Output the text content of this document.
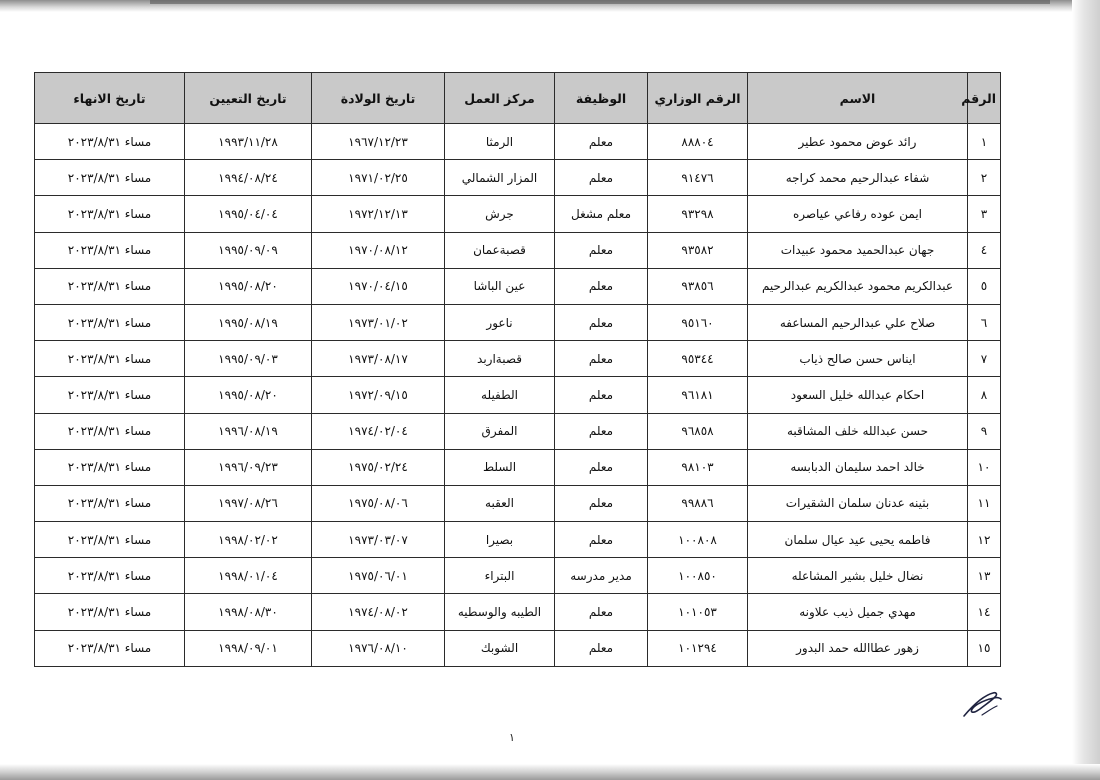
الرقم	الاسم	الرقم الوزاري	الوظيفة	مركز العمل	تاريخ الولادة	تاريخ التعيين	تاريخ الانهاء
١	رائد عوض محمود عطير	٨٨٨٠٤	معلم	الرمثا	١٩٦٧/١٢/٢٣	١٩٩٣/١١/٢٨	مساء ٢٠٢٣/٨/٣١
٢	شفاء عبدالرحيم محمد كراجه	٩١٤٧٦	معلم	المزار الشمالي	١٩٧١/٠٢/٢٥	١٩٩٤/٠٨/٢٤	مساء ٢٠٢٣/٨/٣١
٣	ايمن عوده رفاعي عياصره	٩٣٢٩٨	معلم مشغل	جرش	١٩٧٢/١٢/١٣	١٩٩٥/٠٤/٠٤	مساء ٢٠٢٣/٨/٣١
٤	جهان عبدالحميد محمود عبيدات	٩٣٥٨٢	معلم	قصبةعمان	١٩٧٠/٠٨/١٢	١٩٩٥/٠٩/٠٩	مساء ٢٠٢٣/٨/٣١
٥	عبدالكريم محمود عبدالكريم عبدالرحيم	٩٣٨٥٦	معلم	عين الباشا	١٩٧٠/٠٤/١٥	١٩٩٥/٠٨/٢٠	مساء ٢٠٢٣/٨/٣١
٦	صلاح علي عبدالرحيم المساعفه	٩٥١٦٠	معلم	ناعور	١٩٧٣/٠١/٠٢	١٩٩٥/٠٨/١٩	مساء ٢٠٢٣/٨/٣١
٧	ايناس حسن صالح ذياب	٩٥٣٤٤	معلم	قصبةاربد	١٩٧٣/٠٨/١٧	١٩٩٥/٠٩/٠٣	مساء ٢٠٢٣/٨/٣١
٨	احكام عبدالله خليل السعود	٩٦١٨١	معلم	الطفيله	١٩٧٢/٠٩/١٥	١٩٩٥/٠٨/٢٠	مساء ٢٠٢٣/٨/٣١
٩	حسن عبدالله خلف المشاقبه	٩٦٨٥٨	معلم	المفرق	١٩٧٤/٠٢/٠٤	١٩٩٦/٠٨/١٩	مساء ٢٠٢٣/٨/٣١
١٠	خالد احمد سليمان الدبابسه	٩٨١٠٣	معلم	السلط	١٩٧٥/٠٢/٢٤	١٩٩٦/٠٩/٢٣	مساء ٢٠٢٣/٨/٣١
١١	بثينه عدنان سلمان الشقيرات	٩٩٨٨٦	معلم	العقبه	١٩٧٥/٠٨/٠٦	١٩٩٧/٠٨/٢٦	مساء ٢٠٢٣/٨/٣١
١٢	فاطمه يحيى عيد عيال سلمان	١٠٠٨٠٨	معلم	بصيرا	١٩٧٣/٠٣/٠٧	١٩٩٨/٠٢/٠٢	مساء ٢٠٢٣/٨/٣١
١٣	نضال خليل بشير المشاعله	١٠٠٨٥٠	مدير مدرسه	البتراء	١٩٧٥/٠٦/٠١	١٩٩٨/٠١/٠٤	مساء ٢٠٢٣/٨/٣١
١٤	مهدي جميل ذيب علاونه	١٠١٠٥٣	معلم	الطيبه والوسطيه	١٩٧٤/٠٨/٠٢	١٩٩٨/٠٨/٣٠	مساء ٢٠٢٣/٨/٣١
١٥	زهور عطاالله حمد البدور	١٠١٢٩٤	معلم	الشوبك	١٩٧٦/٠٨/١٠	١٩٩٨/٠٩/٠١	مساء ٢٠٢٣/٨/٣١
١
